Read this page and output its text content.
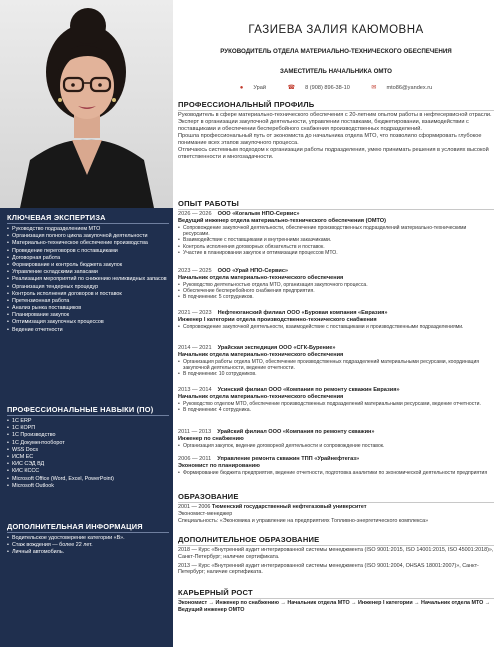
КЛЮЧЕВАЯ ЭКСПЕРТИЗА
• Руководство подразделением МТО
• Организация полного цикла закупочной деятельности
• Материально-техническое обеспечение производства
• Проведение переговоров с поставщиками
• Договорная работа
• Формирование и контроль бюджета закупок
• Управление складскими запасами
• Реализация мероприятий по снижению неликвидных запасов
• Организация тендерных процедур
• Контроль исполнения договоров и поставок
• Претензионная работа
• Анализ рынка поставщиков
• Планирование закупок
• Оптимизация закупочных процессов
• Ведение отчетности
ПРОФЕССИОНАЛЬНЫЕ НАВЫКИ (ПО)
• 1С ERP
• 1С КОРП
• 1С Производство
• 1С Документооборот
• WSS Docs
• ИСМ ЕС
• КИС СЭД ВД
• КИС КССС
• Microsoft Office (Word, Excel, PowerPoint)
• Microsoft Outlook
ДОПОЛНИТЕЛЬНАЯ ИНФОРМАЦИЯ
• Водительское удостоверение категории «В».
• Стаж вождения — более 22 лет.
• Личный автомобиль.
ГАЗИЕВА ЗАЛИЯ КАЮМОВНА
РУКОВОДИТЕЛЬ ОТДЕЛА МАТЕРИАЛЬНО-ТЕХНИЧЕСКОГО ОБЕСПЕЧЕНИЯ
ЗАМЕСТИТЕЛЬ НАЧАЛЬНИКА ОМТО
● Урай	☎ 8 (908) 896-38-10	✉ mto86@yandex.ru
ПРОФЕССИОНАЛЬНЫЙ ПРОФИЛЬ
Руководитель в сфере материально-технического обеспечения с 20-летним опытом работы в нефтесервисной отрасли.
Эксперт в организации закупочной деятельности, управлении поставками, бюджетировании, взаимодействии с поставщиками и обеспечении бесперебойного снабжения производственных подразделений.
Прошла профессиональный путь от экономиста до начальника отдела МТО, что позволило сформировать глубокое понимание всех этапов закупочного процесса.
Отличаюсь системным подходом к организации работы подразделения, умею принимать решения в условиях высокой ответственности и многозадачности.
ОПЫТ РАБОТЫ
2026 — 2026 ООО «Когалым НПО-Сервис»
Ведущий инженер отдела материально-технического обеспечения (ОМТО)
• Сопровождение закупочной деятельности, обеспечение производственных подразделений материально-техническими ресурсами.
• Взаимодействие с поставщиками и внутренними заказчиками.
• Контроль исполнения договорных обязательств и поставок.
• Участие в планировании закупок и оптимизации процессов МТО.
2023 — 2025 ООО «Урай НПО-Сервис»
Начальник отдела материально-технического обеспечения
• Руководство деятельностью отдела МТО, организация закупочного процесса.
• Обеспечение бесперебойного снабжения предприятия.
• В подчинении: 5 сотрудников.
2021 — 2023 Нефтеюганский филиал ООО «Буровая компания «Евразия»
Инженер I категории отдела производственно-технического снабжения
• Сопровождение закупочной деятельности, взаимодействие с поставщиками и производственными подразделениями.
2014 — 2021 Урайская экспедиция ООО «СГК-Бурение»
Начальник отдела материально-технического обеспечения
• Организация работы отдела МТО, обеспечение производственных подразделений материальными ресурсами, координация закупочной деятельности, ведение отчетности.
• В подчинении: 10 сотрудников.
2013 — 2014 Усинский филиал ООО «Компания по ремонту скважин Евразия»
Начальник отдела материально-технического обеспечения
• Руководство отделом МТО, обеспечение производственных подразделений материальными ресурсами, ведение отчетности.
• В подчинении: 4 сотрудника.
2011 — 2013 Урайский филиал ООО «Компания по ремонту скважин»
Инженер по снабжению
• Организация закупок, ведение договорной деятельности и сопровождение поставок.
2006 — 2011 Управление ремонта скважин ТПП «Урайнефтегаз»
Экономист по планированию
• Формирование бюджета предприятия, ведение отчетности, подготовка аналитики по экономической деятельности предприятия
ОБРАЗОВАНИЕ
2001 — 2006 Тюменский государственный нефтегазовый университет
Экономист-менеджер
Специальность: «Экономика и управление на предприятиях Топливно-энергетического комплекса»
ДОПОЛНИТЕЛЬНОЕ ОБРАЗОВАНИЕ
2018 — Курс «Внутренний аудит интегрированной системы менеджмента (ISO 9001:2015, ISO 14001:2015, ISO 45001:2018)», Санкт-Петербург; наличие сертификата.
2013 — Курс «Внутренний аудит интегрированной системы менеджмента (ISO 9001:2004, OHSAS 18001:2007)», Санкт-Петербург; наличие сертификата.
КАРЬЕРНЫЙ РОСТ
Экономист → Инженер по снабжению → Начальник отдела МТО → Инженер I категории → Начальник отдела МТО → Ведущий инженер ОМТО
